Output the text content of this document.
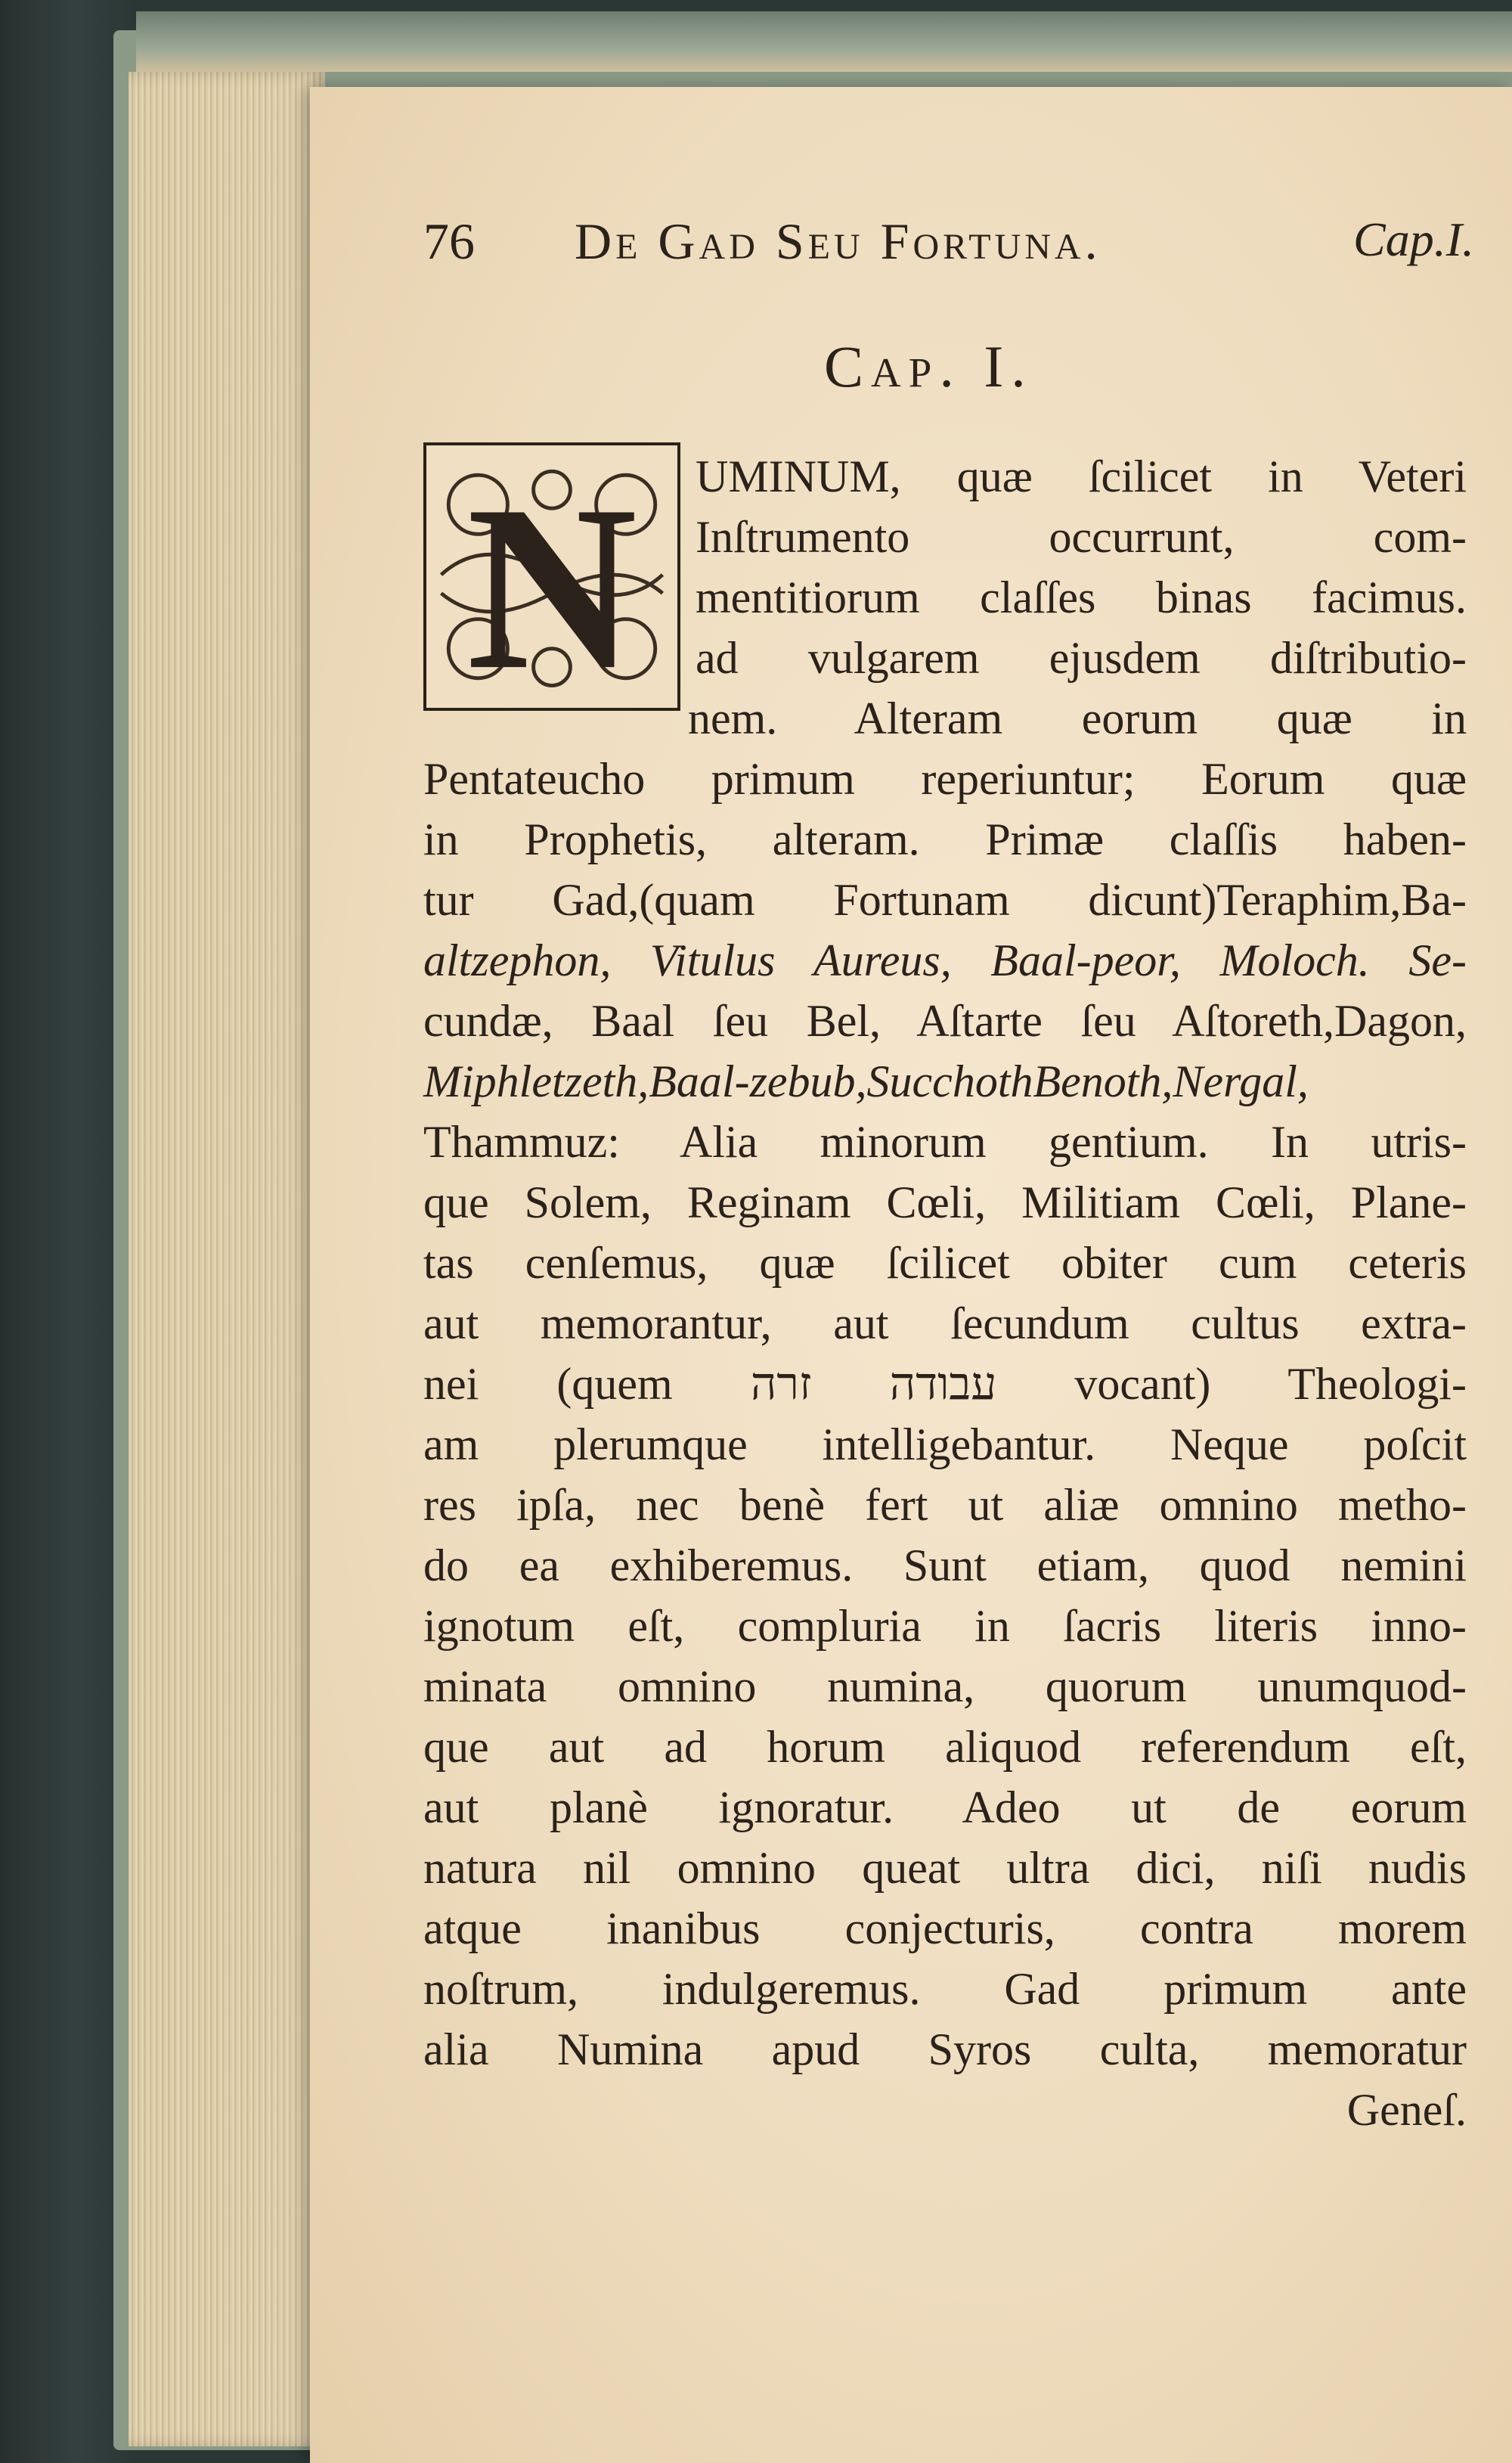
76 De Gad Seu Fortuna.	Cap.I.
Cap. I.
N UMINUM, quæ ſcilicet in Veteri
Inſtrumento occurrunt, com-
mentitiorum claſſes binas facimus.
ad vulgarem ejusdem diſtributio-
nem. Alteram eorum quæ in
Pentateucho primum reperiuntur; Eorum quæ
in Prophetis, alteram. Primæ claſſis haben-
tur Gad,(quam Fortunam dicunt)Teraphim,Ba-
altzephon, Vitulus Aureus, Baal-peor, Moloch. Se-
cundæ, Baal ſeu Bel, Aſtarte ſeu Aſtoreth,Dagon,
Miphletzeth,Baal-zebub,SucchothBenoth,Nergal,
Thammuz: Alia minorum gentium. In utris-
que Solem, Reginam Cœli, Militiam Cœli, Plane-
tas cenſemus, quæ ſcilicet obiter cum ceteris
aut memorantur, aut ſecundum cultus extra-
nei (quem עבודה זרה vocant) Theologi-
am plerumque intelligebantur. Neque poſcit
res ipſa, nec benè fert ut aliæ omnino metho-
do ea exhiberemus. Sunt etiam, quod nemini
ignotum eſt, compluria in ſacris literis inno-
minata omnino numina, quorum unumquod-
que aut ad horum aliquod referendum eſt,
aut planè ignoratur. Adeo ut de eorum
natura nil omnino queat ultra dici, niſi nudis
atque inanibus conjecturis, contra morem
noſtrum, indulgeremus. Gad primum ante
alia Numina apud Syros culta, memoratur
Geneſ.
